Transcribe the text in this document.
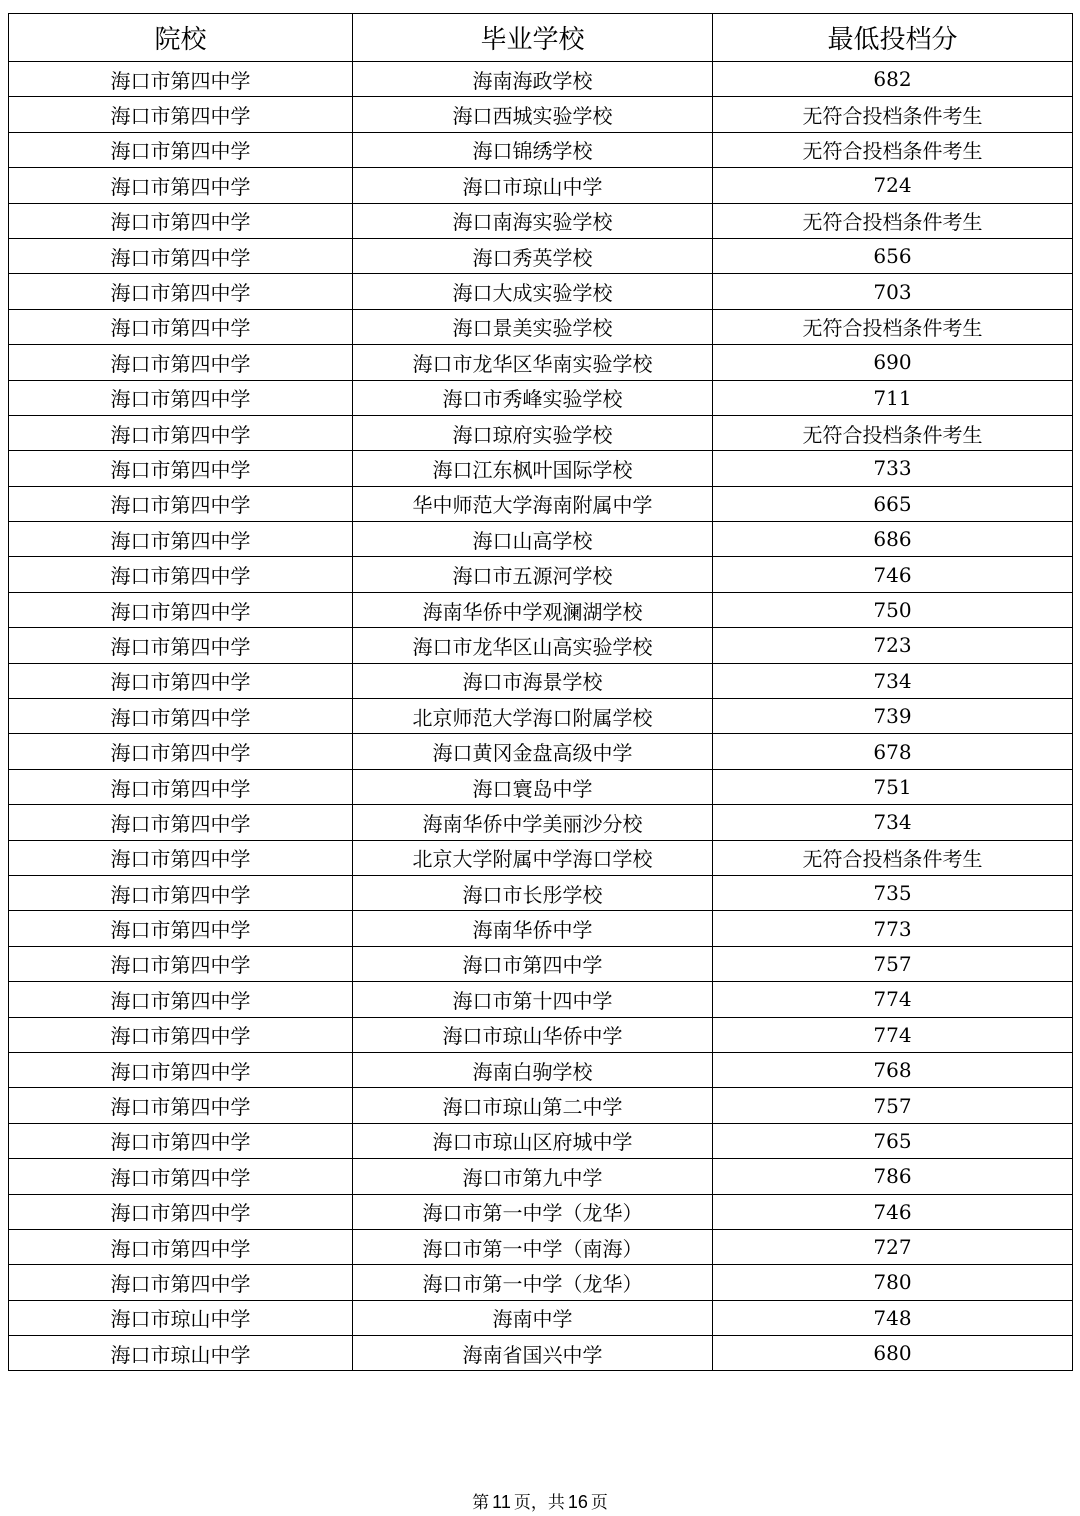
院校	毕业学校	最低投档分
海口市第四中学	海南海政学校	682
海口市第四中学	海口西城实验学校	无符合投档条件考生
海口市第四中学	海口锦绣学校	无符合投档条件考生
海口市第四中学	海口市琼山中学	724
海口市第四中学	海口南海实验学校	无符合投档条件考生
海口市第四中学	海口秀英学校	656
海口市第四中学	海口大成实验学校	703
海口市第四中学	海口景美实验学校	无符合投档条件考生
海口市第四中学	海口市龙华区华南实验学校	690
海口市第四中学	海口市秀峰实验学校	711
海口市第四中学	海口琼府实验学校	无符合投档条件考生
海口市第四中学	海口江东枫叶国际学校	733
海口市第四中学	华中师范大学海南附属中学	665
海口市第四中学	海口山高学校	686
海口市第四中学	海口市五源河学校	746
海口市第四中学	海南华侨中学观澜湖学校	750
海口市第四中学	海口市龙华区山高实验学校	723
海口市第四中学	海口市海景学校	734
海口市第四中学	北京师范大学海口附属学校	739
海口市第四中学	海口黄冈金盘高级中学	678
海口市第四中学	海口寰岛中学	751
海口市第四中学	海南华侨中学美丽沙分校	734
海口市第四中学	北京大学附属中学海口学校	无符合投档条件考生
海口市第四中学	海口市长彤学校	735
海口市第四中学	海南华侨中学	773
海口市第四中学	海口市第四中学	757
海口市第四中学	海口市第十四中学	774
海口市第四中学	海口市琼山华侨中学	774
海口市第四中学	海南白驹学校	768
海口市第四中学	海口市琼山第二中学	757
海口市第四中学	海口市琼山区府城中学	765
海口市第四中学	海口市第九中学	786
海口市第四中学	海口市第一中学（龙华）	746
海口市第四中学	海口市第一中学（南海）	727
海口市第四中学	海口市第一中学（龙华）	780
海口市琼山中学	海南中学	748
海口市琼山中学	海南省国兴中学	680
第 11 页，共 16 页
